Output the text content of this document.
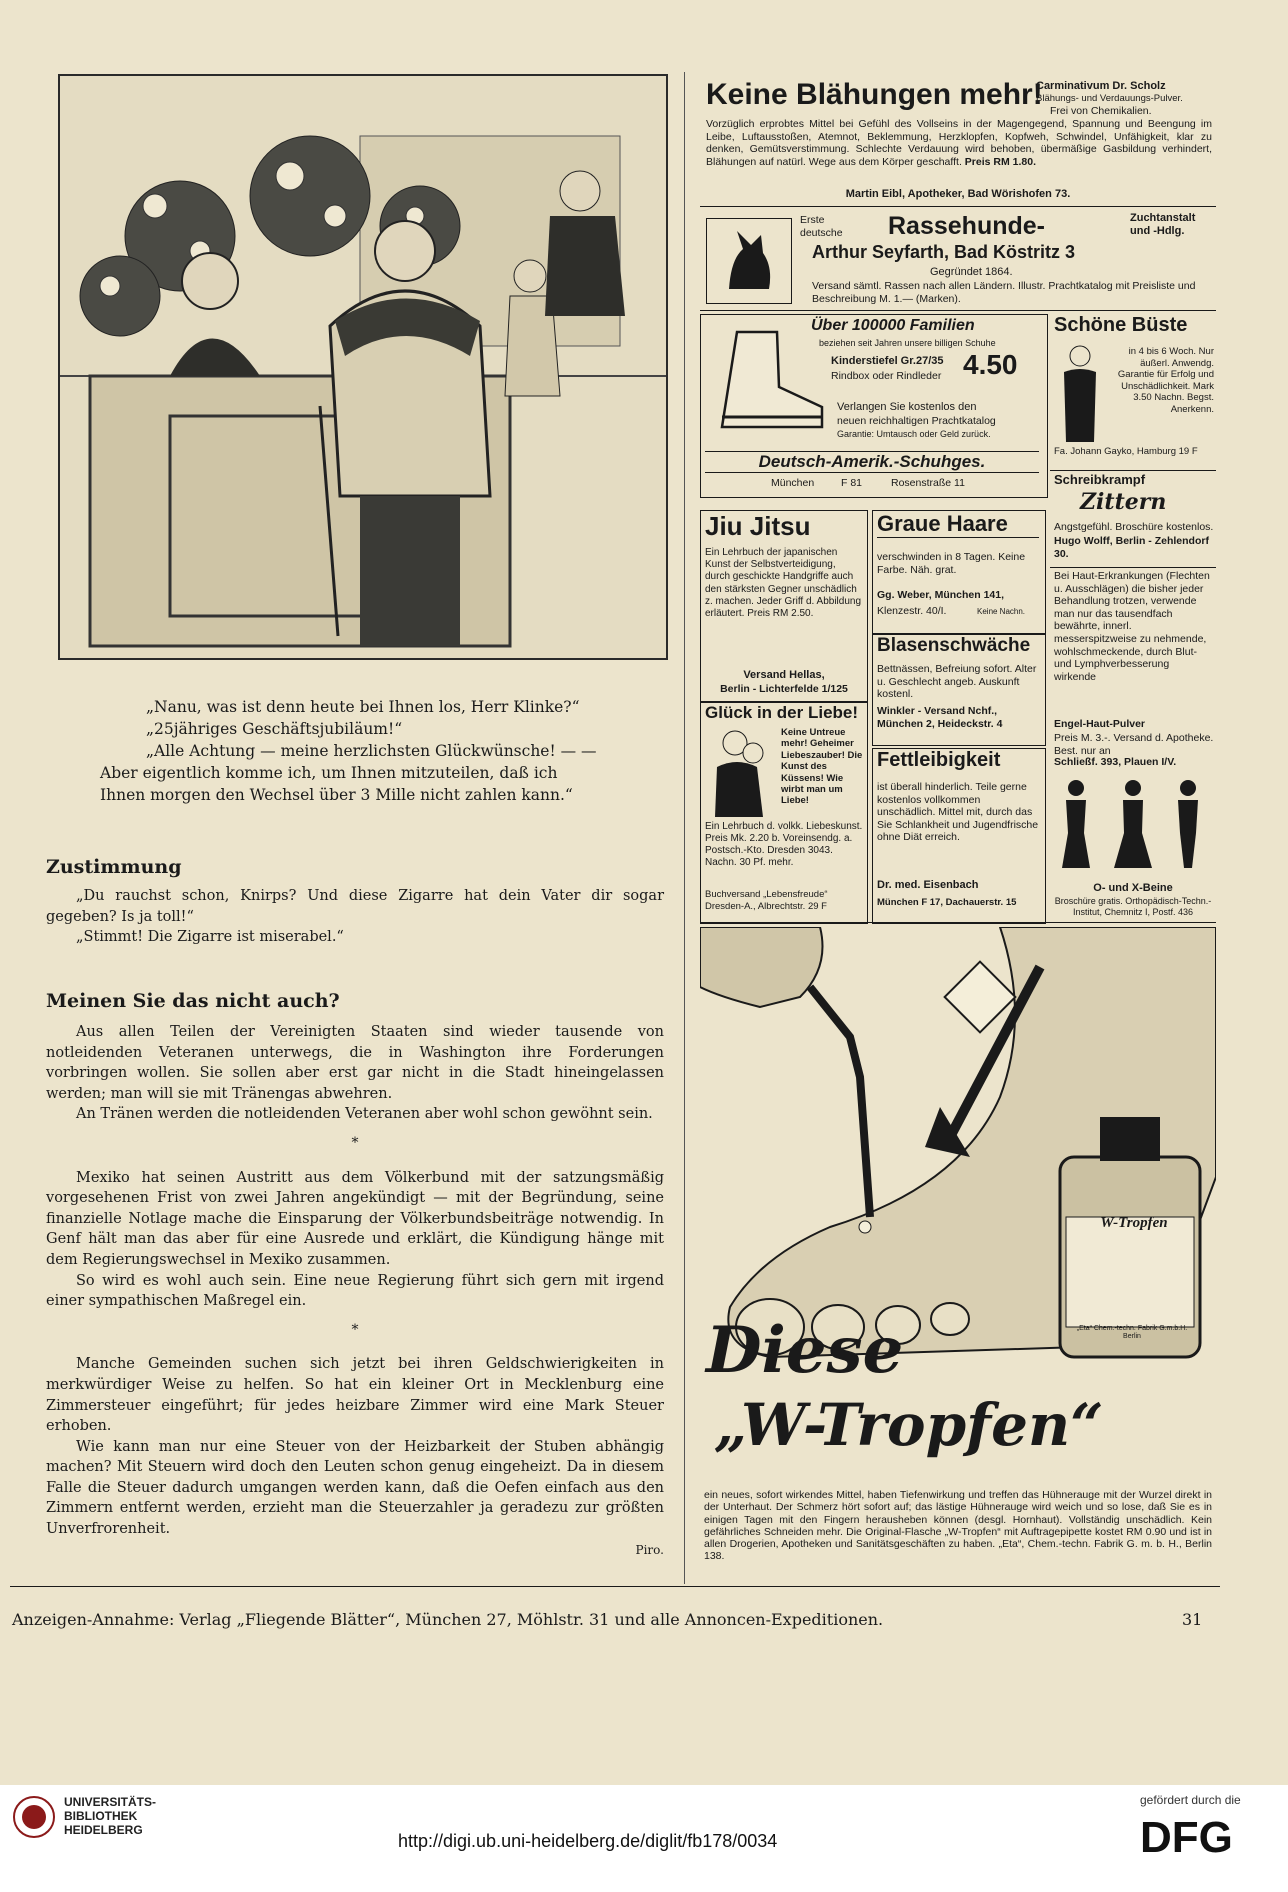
„Nanu, was ist denn heute bei Ihnen los, Herr Klinke?“
„25jähriges Geschäftsjubiläum!“
„Alle Achtung — meine herzlichsten Glückwünsche! — —
Aber eigentlich komme ich, um Ihnen mitzuteilen, daß ich
Ihnen morgen den Wechsel über 3 Mille nicht zahlen kann.“
Zustimmung

„Du rauchst schon, Knirps? Und diese Zigarre hat dein Vater dir sogar gegeben? Is ja toll!“

„Stimmt! Die Zigarre ist miserabel.“

Meinen Sie das nicht auch?

Aus allen Teilen der Vereinigten Staaten sind wieder tausende von notleidenden Veteranen unterwegs, die in Washington ihre Forderungen vorbringen wollen. Sie sollen aber erst gar nicht in die Stadt hineingelassen werden; man will sie mit Tränengas abwehren.

An Tränen werden die notleidenden Veteranen aber wohl schon gewöhnt sein.

*

Mexiko hat seinen Austritt aus dem Völkerbund mit der satzungsmäßig vorgesehenen Frist von zwei Jahren angekündigt — mit der Begründung, seine finanzielle Notlage mache die Einsparung der Völkerbundsbeiträge notwendig. In Genf hält man das aber für eine Ausrede und erklärt, die Kündigung hänge mit dem Regierungswechsel in Mexiko zusammen.

So wird es wohl auch sein. Eine neue Regierung führt sich gern mit irgend einer sympathischen Maßregel ein.

*

Manche Gemeinden suchen sich jetzt bei ihren Geldschwierigkeiten in merkwürdiger Weise zu helfen. So hat ein kleiner Ort in Mecklenburg eine Zimmersteuer eingeführt; für jedes heizbare Zimmer wird eine Mark Steuer erhoben.

Wie kann man nur eine Steuer von der Heizbarkeit der Stuben abhängig machen? Mit Steuern wird doch den Leuten schon genug eingeheizt. Da in diesem Falle die Steuer dadurch umgangen werden kann, daß die Oefen einfach aus den Zimmern entfernt werden, erzieht man die Steuerzahler ja geradezu zur größten Unverfrorenheit.

Piro.
Keine Blähungen mehr!
Carminativum Dr. Scholz
Blähungs- und Verdauungs-Pulver.
Frei von Chemikalien.
Vorzüglich erprobtes Mittel bei Gefühl des Vollseins in der Magengegend, Spannung und Beengung im Leibe, Luftausstoßen, Atemnot, Beklemmung, Herzklopfen, Kopfweh, Schwindel, Unfähigkeit, klar zu denken, Gemütsverstimmung. Schlechte Verdauung wird behoben, übermäßige Gasbildung verhindert, Blähungen auf natürl. Wege aus dem Körper geschafft. Preis RM 1.80.
Martin Eibl, Apotheker, Bad Wörishofen 73.
Erste deutsche	Rassehunde-	Zuchtanstalt
und -Hdlg.
Arthur Seyfarth, Bad Köstritz 3
Gegründet 1864.
Versand sämtl. Rassen nach allen Ländern. Illustr. Prachtkatalog mit Preisliste und Beschreibung M. 1.— (Marken).
Über 100000 Familien
beziehen seit Jahren unsere billigen Schuhe
Kinderstiefel Gr.27/35
Rindbox oder Rindleder 4.50
Verlangen Sie kostenlos den
neuen reichhaltigen Prachtkatalog
Garantie: Umtausch oder Geld zurück.
Deutsch-Amerik.-Schuhges.
München	F 81	Rosenstraße 11
Schöne Büste
in 4 bis 6 Woch. Nur äußerl. Anwendg. Garantie für Erfolg und Unschädlichkeit. Mark 3.50 Nachn. Begst. Anerkenn.
Fa. Johann Gayko, Hamburg 19 F
Schreibkrampf
Zittern
Angstgefühl. Broschüre kostenlos.
Hugo Wolff, Berlin - Zehlendorf 30.
Jiu Jitsu
Ein Lehrbuch der japanischen Kunst der Selbstverteidigung, durch geschickte Handgriffe auch den stärksten Gegner unschädlich z. machen. Jeder Griff d. Abbildung erläutert. Preis RM 2.50.
Versand Hellas,
Berlin - Lichterfelde 1/125
Graue Haare
verschwinden in 8 Tagen. Keine Farbe. Näh. grat.
Gg. Weber, München 141,
Klenzestr. 40/I.	Keine Nachn.
Bei Haut-Erkrankungen (Flechten u. Ausschlägen) die bisher jeder Behandlung trotzen, verwende man nur das tausendfach bewährte, innerl. messerspitzweise zu nehmende, wohlschmeckende, durch Blut- und Lymphverbesserung wirkende
Engel-Haut-Pulver
Preis M. 3.-. Versand d. Apotheke. Best. nur an
Schließf. 393, Plauen I/V.
Blasenschwäche
Bettnässen, Befreiung sofort. Alter u. Geschlecht angeb. Auskunft kostenl.
Winkler - Versand Nchf., München 2, Heideckstr. 4
Glück in der Liebe!
Keine Untreue mehr! Geheimer Liebeszauber! Die Kunst des Küssens! Wie wirbt man um Liebe!
Ein Lehrbuch d. volkk. Liebeskunst. Preis Mk. 2.20 b. Voreinsendg. a. Postsch.-Kto. Dresden 3043. Nachn. 30 Pf. mehr.
Buchversand „Lebensfreude“ Dresden-A., Albrechtstr. 29 F
Fettleibigkeit
ist überall hinderlich. Teile gerne kostenlos vollkommen unschädlich. Mittel mit, durch das Sie Schlankheit und Jugendfrische ohne Diät erreich.
Dr. med. Eisenbach
München F 17, Dachauerstr. 15
O- und X-Beine
Broschüre gratis. Orthopädisch-Techn.-Institut, Chemnitz I, Postf. 436
W-Tropfen
„Eta“ Chem.-techn. Fabrik G.m.b.H. Berlin
Diese
„W-Tropfen“
ein neues, sofort wirkendes Mittel, haben Tiefenwirkung und treffen das Hühnerauge mit der Wurzel direkt in der Unterhaut. Der Schmerz hört sofort auf; das lästige Hühnerauge wird weich und so lose, daß Sie es in einigen Tagen mit den Fingern herausheben können (desgl. Hornhaut). Vollständig unschädlich. Kein gefährliches Schneiden mehr. Die Original-Flasche „W-Tropfen“ mit Auftragepipette kostet RM 0.90 und ist in allen Drogerien, Apotheken und Sanitätsgeschäften zu haben. „Eta“, Chem.-techn. Fabrik G. m. b. H., Berlin 138.
Anzeigen-Annahme: Verlag „Fliegende Blätter“, München 27, Möhlstr. 31 und alle Annoncen-Expeditionen.	31
UNIVERSITÄTS-
BIBLIOTHEK
HEIDELBERG
http://digi.ub.uni-heidelberg.de/diglit/fb178/0034
gefördert durch die
DFG
